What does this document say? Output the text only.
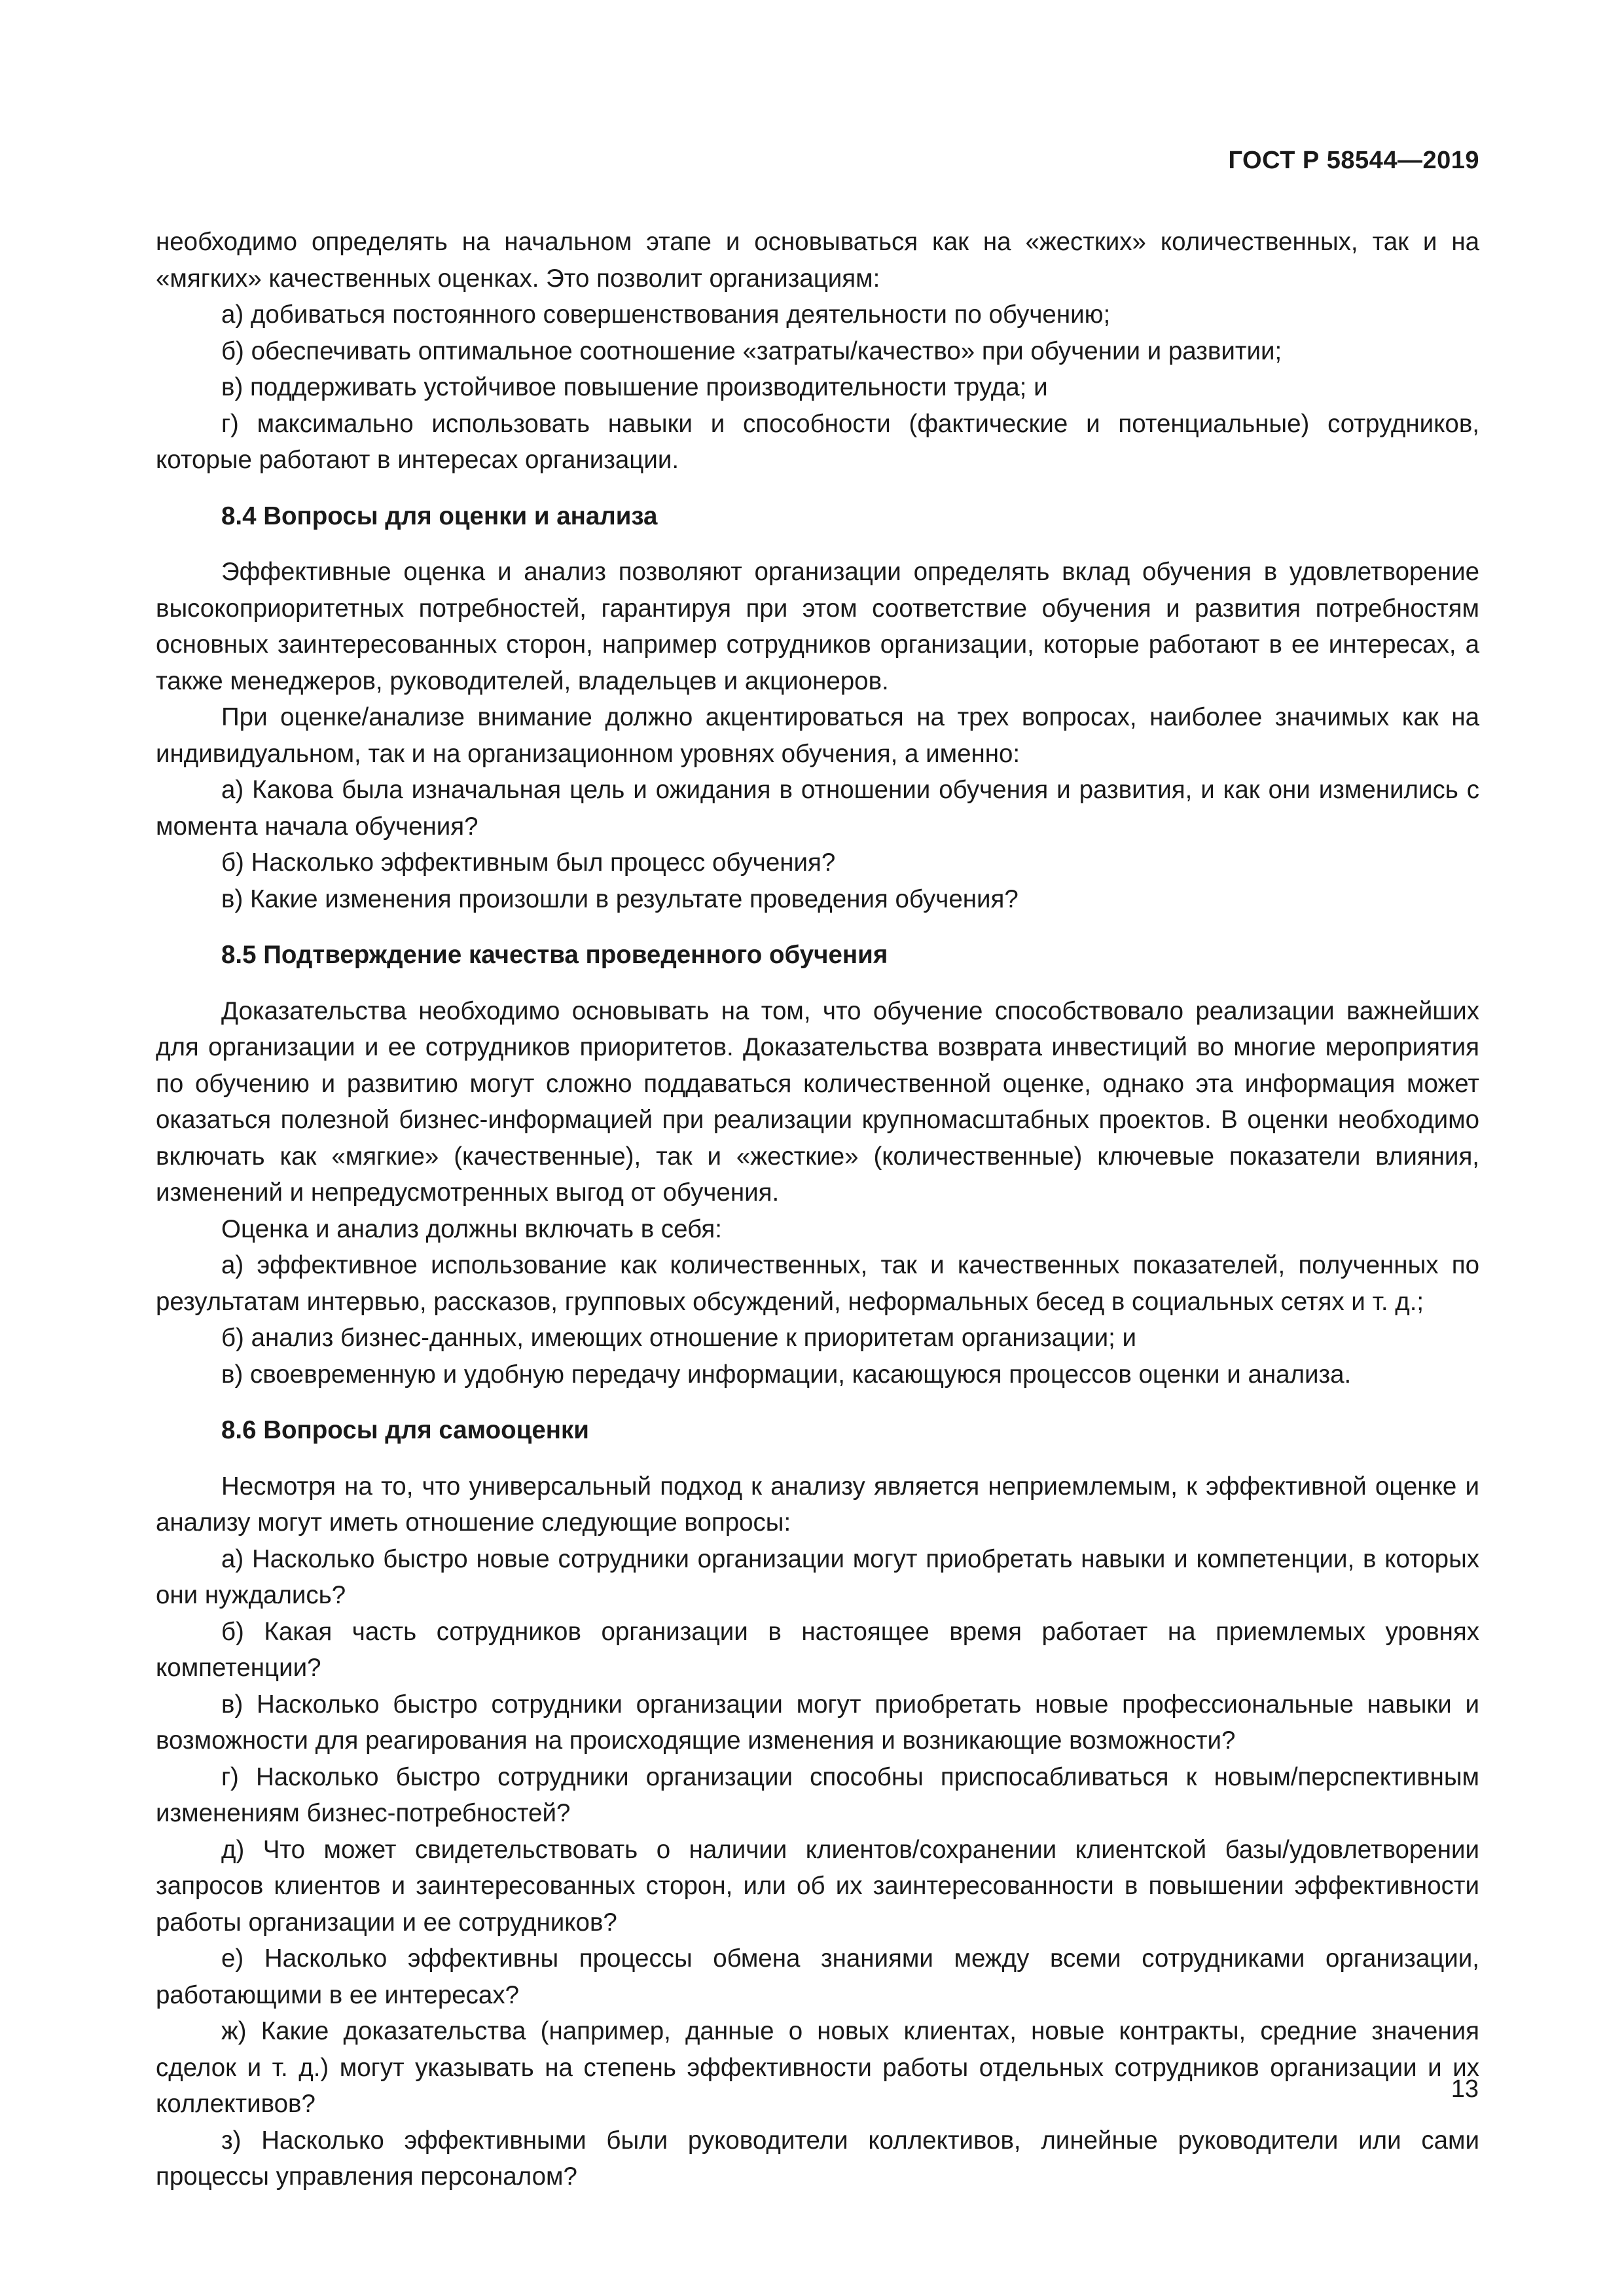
ГОСТ Р 58544—2019

необходимо определять на начальном этапе и основываться как на «жестких» количественных, так и на «мягких» качественных оценках. Это позволит организациям:

а) добиваться постоянного совершенствования деятельности по обучению;

б) обеспечивать оптимальное соотношение «затраты/качество» при обучении и развитии;

в) поддерживать устойчивое повышение производительности труда; и

г) максимально использовать навыки и способности (фактические и потенциальные) сотрудников, которые работают в интересах организации.

8.4 Вопросы для оценки и анализа

Эффективные оценка и анализ позволяют организации определять вклад обучения в удовлетворение высокоприоритетных потребностей, гарантируя при этом соответствие обучения и развития потребностям основных заинтересованных сторон, например сотрудников организации, которые работают в ее интересах, а также менеджеров, руководителей, владельцев и акционеров.

При оценке/анализе внимание должно акцентироваться на трех вопросах, наиболее значимых как на индивидуальном, так и на организационном уровнях обучения, а именно:

а) Какова была изначальная цель и ожидания в отношении обучения и развития, и как они изменились с момента начала обучения?

б) Насколько эффективным был процесс обучения?

в) Какие изменения произошли в результате проведения обучения?

8.5 Подтверждение качества проведенного обучения

Доказательства необходимо основывать на том, что обучение способствовало реализации важнейших для организации и ее сотрудников приоритетов. Доказательства возврата инвестиций во многие мероприятия по обучению и развитию могут сложно поддаваться количественной оценке, однако эта информация может оказаться полезной бизнес-информацией при реализации крупномасштабных проектов. В оценки необходимо включать как «мягкие» (качественные), так и «жесткие» (количественные) ключевые показатели влияния, изменений и непредусмотренных выгод от обучения.

Оценка и анализ должны включать в себя:

а) эффективное использование как количественных, так и качественных показателей, полученных по результатам интервью, рассказов, групповых обсуждений, неформальных бесед в социальных сетях и т. д.;

б) анализ бизнес-данных, имеющих отношение к приоритетам организации; и

в) своевременную и удобную передачу информации, касающуюся процессов оценки и анализа.

8.6 Вопросы для самооценки

Несмотря на то, что универсальный подход к анализу является неприемлемым, к эффективной оценке и анализу могут иметь отношение следующие вопросы:

а) Насколько быстро новые сотрудники организации могут приобретать навыки и компетенции, в которых они нуждались?

б) Какая часть сотрудников организации в настоящее время работает на приемлемых уровнях компетенции?

в) Насколько быстро сотрудники организации могут приобретать новые профессиональные навыки и возможности для реагирования на происходящие изменения и возникающие возможности?

г) Насколько быстро сотрудники организации способны приспосабливаться к новым/перспективным изменениям бизнес-потребностей?

д) Что может свидетельствовать о наличии клиентов/сохранении клиентской базы/удовлетворении запросов клиентов и заинтересованных сторон, или об их заинтересованности в повышении эффективности работы организации и ее сотрудников?

е) Насколько эффективны процессы обмена знаниями между всеми сотрудниками организации, работающими в ее интересах?

ж) Какие доказательства (например, данные о новых клиентах, новые контракты, средние значения сделок и т. д.) могут указывать на степень эффективности работы отдельных сотрудников организации и их коллективов?

з) Насколько эффективными были руководители коллективов, линейные руководители или сами процессы управления персоналом?

13
